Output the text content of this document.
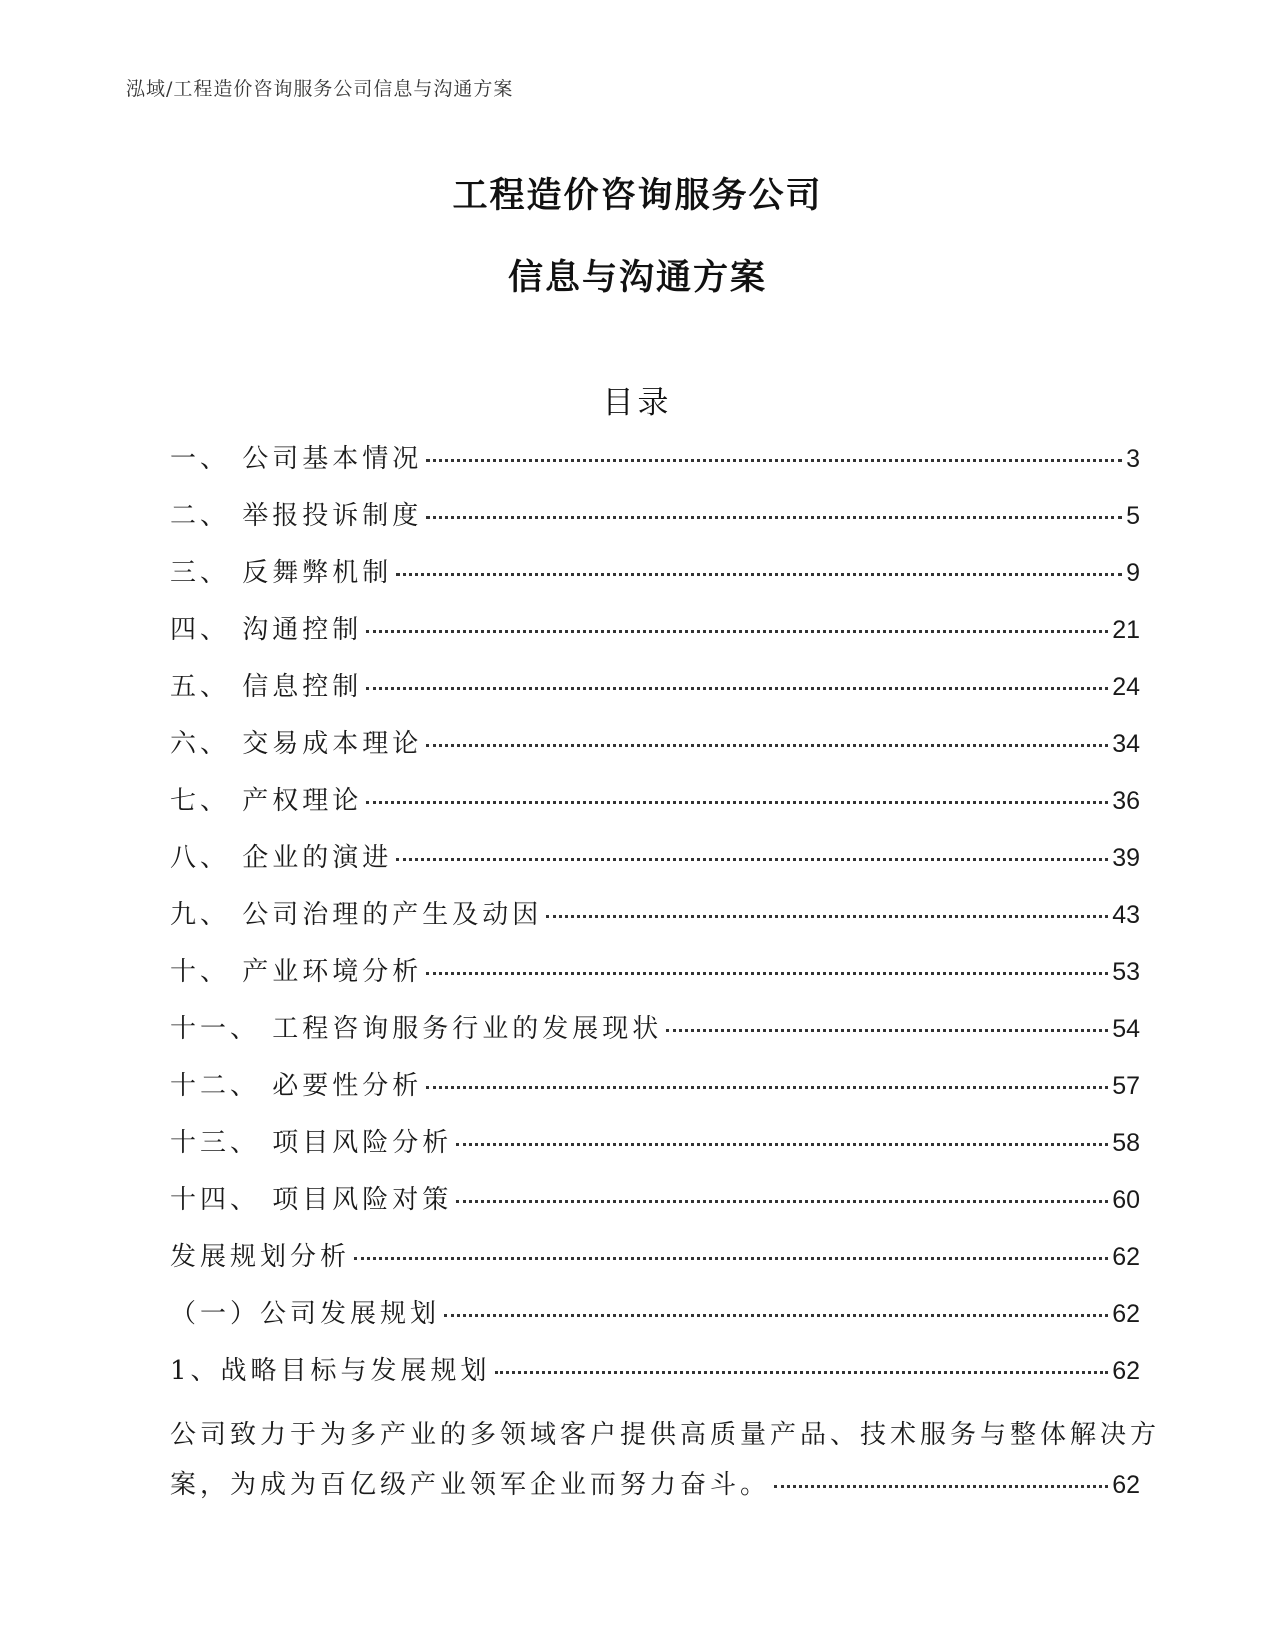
泓域/工程造价咨询服务公司信息与沟通方案
工程造价咨询服务公司
信息与沟通方案
目录
一、 公司基本情况	3
二、 举报投诉制度	5
三、 反舞弊机制	9
四、 沟通控制	21
五、 信息控制	24
六、 交易成本理论	34
七、 产权理论	36
八、 企业的演进	39
九、 公司治理的产生及动因	43
十、 产业环境分析	53
十一、 工程咨询服务行业的发展现状	54
十二、 必要性分析	57
十三、 项目风险分析	58
十四、 项目风险对策	60
发展规划分析	62
（一）公司发展规划	62
1、战略目标与发展规划	62
公司致力于为多产业的多领域客户提供高质量产品、技术服务与整体解决方
案，为成为百亿级产业领军企业而努力奋斗。	62
